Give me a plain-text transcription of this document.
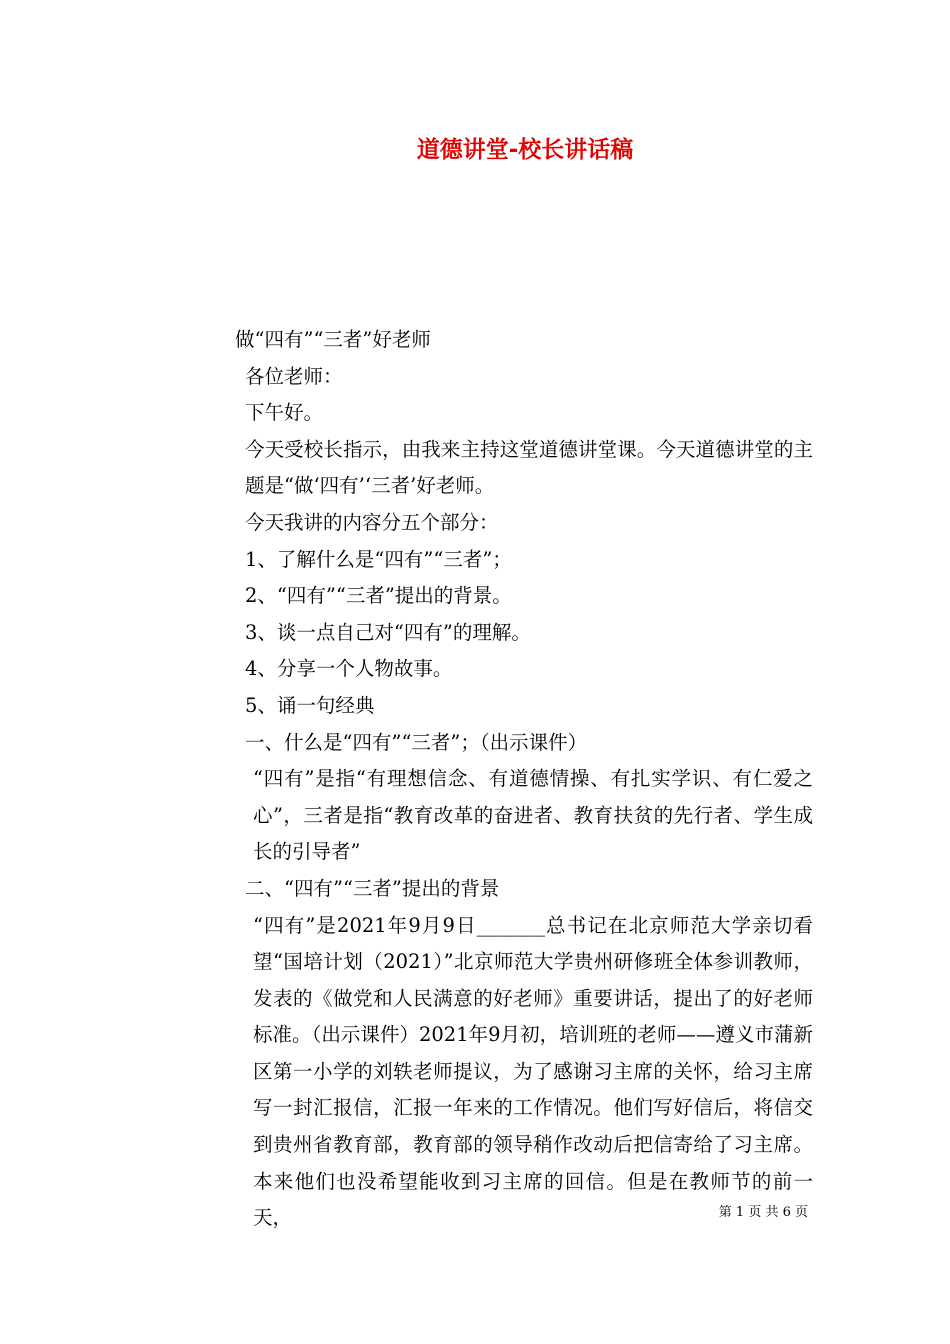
道德讲堂-校长讲话稿

做“四有”“三者”好老师

各位老师：

下午好。

今天受校长指示，由我来主持这堂道德讲堂课。今天道德讲堂的主题是“做‘四有’‘三者’好老师。

今天我讲的内容分五个部分：

1、了解什么是“四有”“三者”；

2、“四有”“三者”提出的背景。

3、谈一点自己对“四有”的理解。

4、分享一个人物故事。

5、诵一句经典

一、什么是“四有”“三者”；（出示课件）

“四有”是指“有理想信念、有道德情操、有扎实学识、有仁爱之心”，三者是指“教育改革的奋进者、教育扶贫的先行者、学生成长的引导者”

二、“四有”“三者”提出的背景

“四有”是2021年9月9日_______总书记在北京师范大学亲切看望“国培计划（2021）”北京师范大学贵州研修班全体参训教师，发表的《做党和人民满意的好老师》重要讲话，提出了的好老师标准。（出示课件）2021年9月初，培训班的老师——遵义市蒲新区第一小学的刘轶老师提议，为了感谢习主席的关怀，给习主席写一封汇报信，汇报一年来的工作情况。他们写好信后，将信交到贵州省教育部，教育部的领导稍作改动后把信寄给了习主席。本来他们也没希望能收到习主席的回信。但是在教师节的前一天，	第 1 页 共 6 页
